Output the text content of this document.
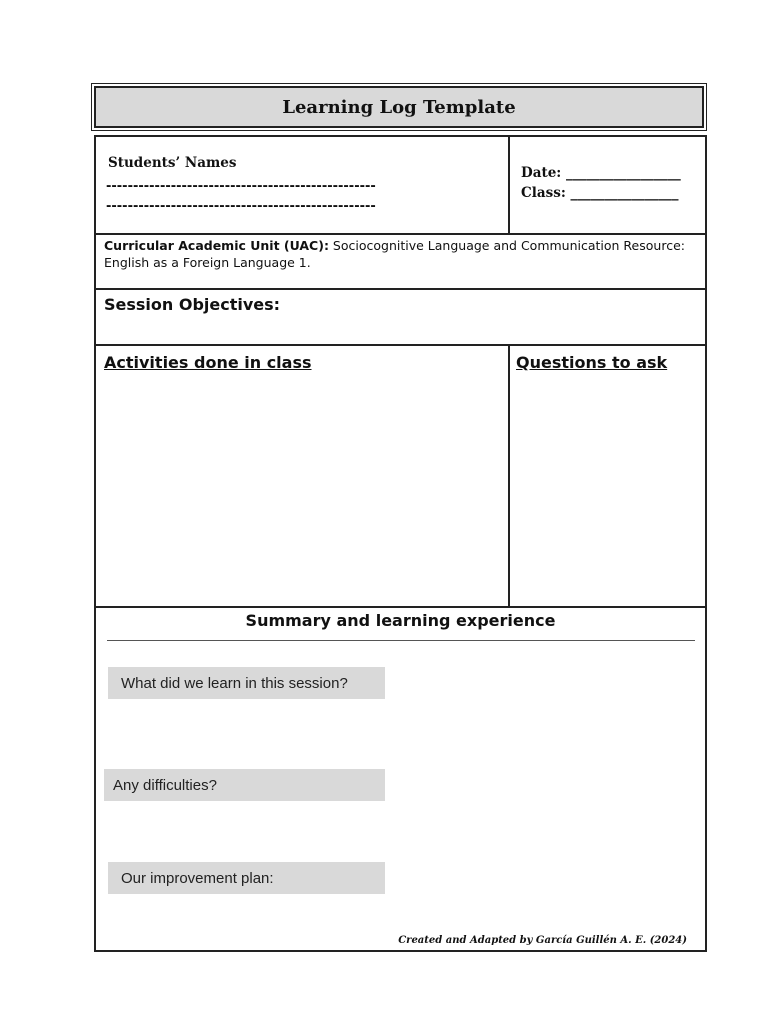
Learning Log Template
Students’ Names
--------------------------------------------------
--------------------------------------------------
Date: _________________
Class: ________________
Curricular Academic Unit (UAC): Sociocognitive Language and Communication Resource: English as a Foreign Language 1.
Session Objectives:
Activities done in class	Questions to ask
Summary and learning experience
What did we learn in this session?
Any difficulties?
Our improvement plan:
Created and Adapted by García Guillén A. E. (2024)
